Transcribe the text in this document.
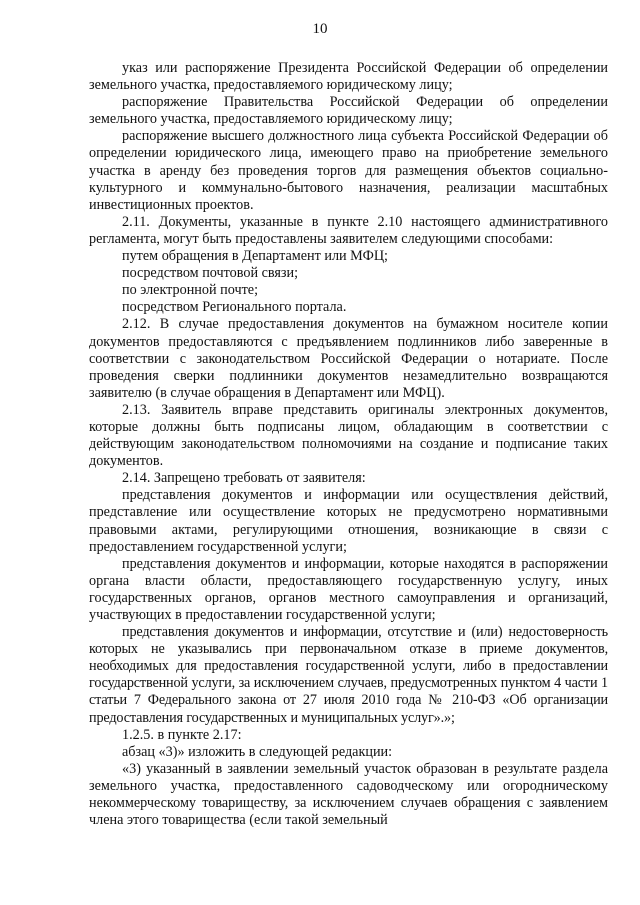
10

указ или распоряжение Президента Российской Федерации об определении земельного участка, предоставляемого юридическому лицу;

распоряжение Правительства Российской Федерации об определении земельного участка, предоставляемого юридическому лицу;

распоряжение высшего должностного лица субъекта Российской Федерации об определении юридического лица, имеющего право на приобретение земельного участка в аренду без проведения торгов для размещения объектов социально-культурного и коммунально-бытового назначения, реализации масштабных инвестиционных проектов.

2.11. Документы, указанные в пункте 2.10 настоящего административного регламента, могут быть предоставлены заявителем следующими способами:

путем обращения в Департамент или МФЦ;

посредством почтовой связи;

по электронной почте;

посредством Регионального портала.

2.12. В случае предоставления документов на бумажном носителе копии документов предоставляются с предъявлением подлинников либо заверенные в соответствии с законодательством Российской Федерации о нотариате. После проведения сверки подлинники документов незамедлительно возвращаются заявителю (в случае обращения в Департамент или МФЦ).

2.13. Заявитель вправе представить оригиналы электронных документов, которые должны быть подписаны лицом, обладающим в соответствии с действующим законодательством полномочиями на создание и подписание таких документов.

2.14. Запрещено требовать от заявителя:

представления документов и информации или осуществления действий, представление или осуществление которых не предусмотрено нормативными правовыми актами, регулирующими отношения, возникающие в связи с предоставлением государственной услуги;

представления документов и информации, которые находятся в распоряжении органа власти области, предоставляющего государственную услугу, иных государственных органов, органов местного самоуправления и организаций, участвующих в предоставлении государственной услуги;

представления документов и информации, отсутствие и (или) недостоверность которых не указывались при первоначальном отказе в приеме документов, необходимых для предоставления государственной услуги, либо в предоставлении государственной услуги, за исключением случаев, предусмотренных пунктом 4 части 1 статьи 7 Федерального закона от 27 июля 2010 года № 210-ФЗ «Об организации предоставления государственных и муниципальных услуг».»;

1.2.5. в пункте 2.17:

абзац «3)» изложить в следующей редакции:

«3) указанный в заявлении земельный участок образован в результате раздела земельного участка, предоставленного садоводческому или огородническому некоммерческому товариществу, за исключением случаев обращения с заявлением члена этого товарищества (если такой земельный
